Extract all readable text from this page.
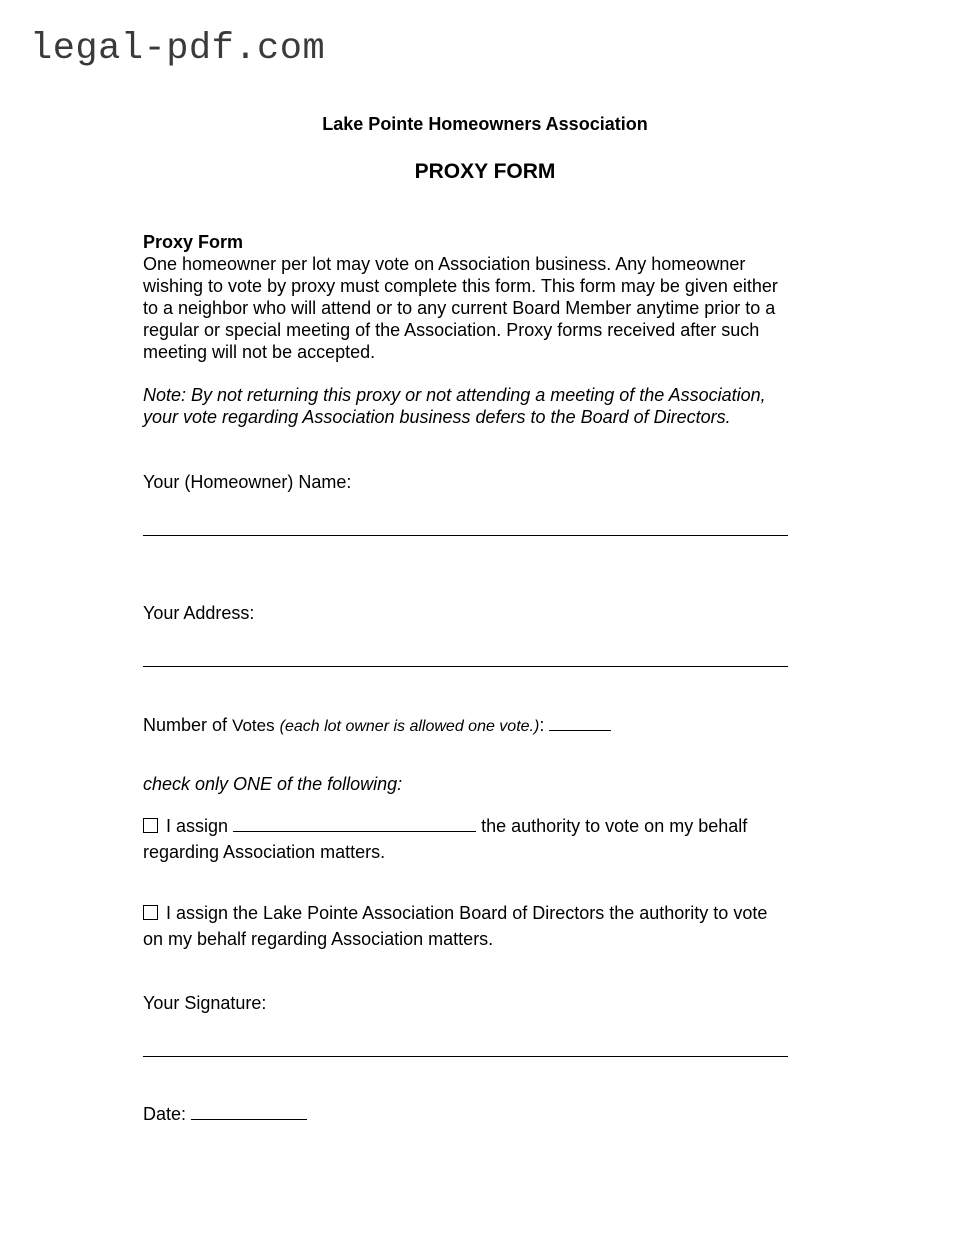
legal-pdf.com
Lake Pointe Homeowners Association
PROXY FORM
Proxy Form
One homeowner per lot may vote on Association business. Any homeowner
wishing to vote by proxy must complete this form. This form may be given either
to a neighbor who will attend or to any current Board Member anytime prior to a
regular or special meeting of the Association. Proxy forms received after such
meeting will not be accepted.
Note: By not returning this proxy or not attending a meeting of the Association,
your vote regarding Association business defers to the Board of Directors.
Your (Homeowner) Name:
Your Address:
Number of Votes (each lot owner is allowed one vote.):
check only ONE of the following:
I assign	the authority to vote on my behalf
regarding Association matters.
I assign the Lake Pointe Association Board of Directors the authority to vote
on my behalf regarding Association matters.
Your Signature:
Date:
